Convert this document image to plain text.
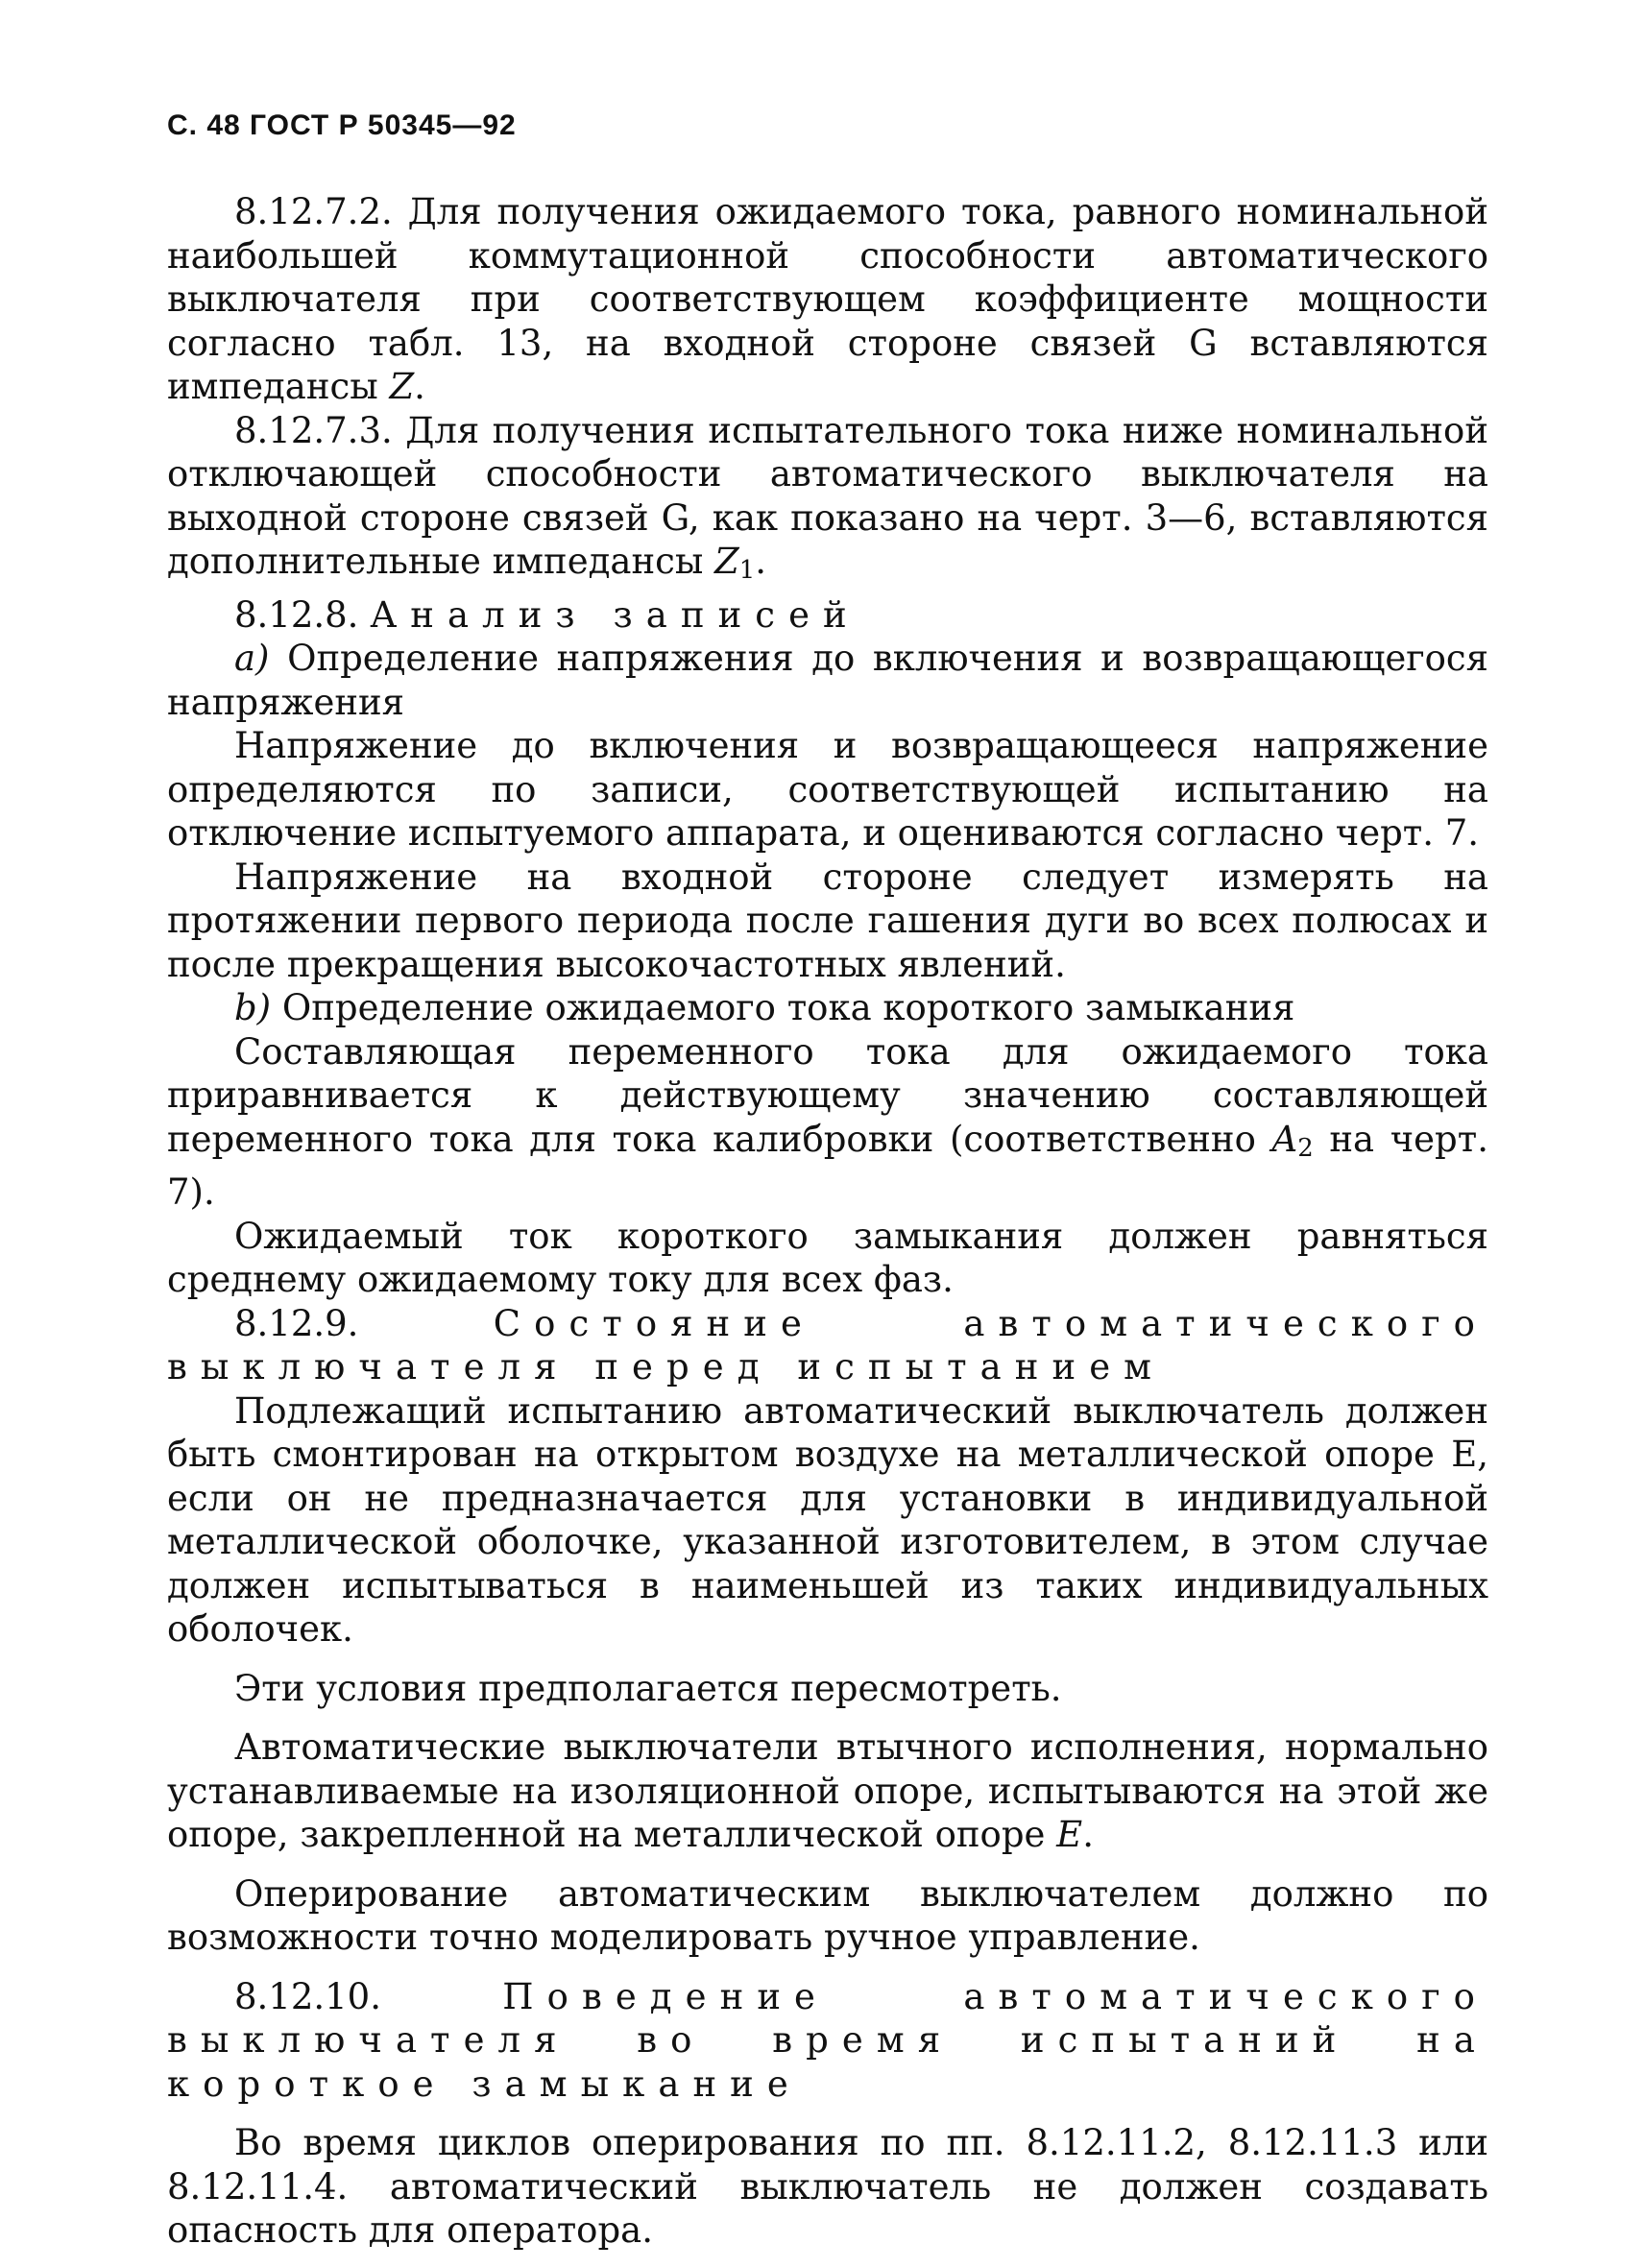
С. 48 ГОСТ Р 50345—92

8.12.7.2. Для получения ожидаемого тока, равного номинальной наибольшей коммутационной способности автоматического выключателя при соответствующем коэффициенте мощности согласно табл. 13, на входной стороне связей G вставляются импедансы Z.

8.12.7.3. Для получения испытательного тока ниже номинальной отключающей способности автоматического выключателя на выходной стороне связей G, как показано на черт. 3—6, вставляются дополнительные импедансы $Z_1$.

8.12.8. Анализ записей

a) Определение напряжения до включения и возвращающегося напряжения

Напряжение до включения и возвращающееся напряжение определяются по записи, соответствующей испытанию на отключение испытуемого аппарата, и оцениваются согласно черт. 7.

Напряжение на входной стороне следует измерять на протяжении первого периода после гашения дуги во всех полюсах и после прекращения высокочастотных явлений.

b) Определение ожидаемого тока короткого замыкания

Составляющая переменного тока для ожидаемого тока приравнивается к действующему значению составляющей переменного тока для тока калибровки (соответственно $A_2$ на черт. 7).

Ожидаемый ток короткого замыкания должен равняться среднему ожидаемому току для всех фаз.

8.12.9.	Состояние автоматического выключателя перед испытанием

Подлежащий испытанию автоматический выключатель должен быть смонтирован на открытом воздухе на металлической опоре E, если он не предназначается для установки в индивидуальной металлической оболочке, указанной изготовителем, в этом случае должен испытываться в наименьшей из таких индивидуальных оболочек.

Эти условия предполагается пересмотреть.

Автоматические выключатели втычного исполнения, нормально устанавливаемые на изоляционной опоре, испытываются на этой же опоре, закрепленной на металлической опоре E.

Оперирование автоматическим выключателем должно по возможности точно моделировать ручное управление.

8.12.10.	Поведение автоматического выключателя во время испытаний на короткое замыкание

Во время циклов оперирования по пп. 8.12.11.2, 8.12.11.3 или 8.12.11.4. автоматический выключатель не должен создавать опасность для оператора.
